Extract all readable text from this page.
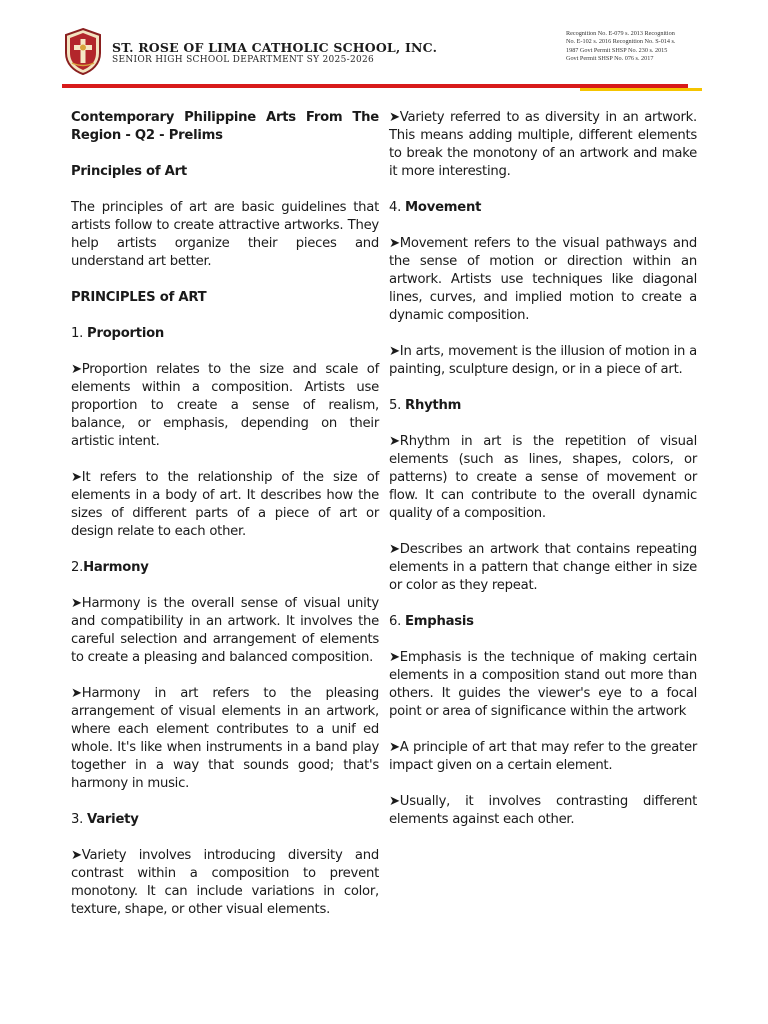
ST. ROSE OF LIMA CATHOLIC SCHOOL, INC.
SENIOR HIGH SCHOOL DEPARTMENT SY 2025-2026
Recognition No. E-079 s. 2013 Recognition
No. E-102 s. 2016 Recognition No. S-014 s.
1987 Govt Permit SHSP No. 230 s. 2015
Govt Permit SHSP No. 076 s. 2017

Contemporary Philippine Arts From The Region - Q2 - Prelims

Principles of Art

The principles of art are basic guidelines that artists follow to create attractive artworks. They help artists organize their pieces and understand art better.

PRINCIPLES of ART

1. Proportion

➤Proportion relates to the size and scale of elements within a composition. Artists use proportion to create a sense of realism, balance, or emphasis, depending on their artistic intent.

➤It refers to the relationship of the size of elements in a body of art. It describes how the sizes of different parts of a piece of art or design relate to each other.

2.Harmony

➤Harmony is the overall sense of visual unity and compatibility in an artwork. It involves the careful selection and arrangement of elements to create a pleasing and balanced composition.

➤Harmony in art refers to the pleasing arrangement of visual elements in an artwork, where each element contributes to a unif ed whole. It's like when instruments in a band play together in a way that sounds good; that's harmony in music.

3. Variety

➤Variety involves introducing diversity and contrast within a composition to prevent monotony. It can include variations in color, texture, shape, or other visual elements.

➤Variety referred to as diversity in an artwork. This means adding multiple, different elements to break the monotony of an artwork and make it more interesting.

4. Movement

➤Movement refers to the visual pathways and the sense of motion or direction within an artwork. Artists use techniques like diagonal lines, curves, and implied motion to create a dynamic composition.

➤In arts, movement is the illusion of motion in a painting, sculpture design, or in a piece of art.

5. Rhythm

➤Rhythm in art is the repetition of visual elements (such as lines, shapes, colors, or patterns) to create a sense of movement or flow. It can contribute to the overall dynamic quality of a composition.

➤Describes an artwork that contains repeating elements in a pattern that change either in size or color as they repeat.

6. Emphasis

➤Emphasis is the technique of making certain elements in a composition stand out more than others. It guides the viewer's eye to a focal point or area of significance within the artwork

➤A principle of art that may refer to the greater impact given on a certain element.

➤Usually, it involves contrasting different elements against each other.
